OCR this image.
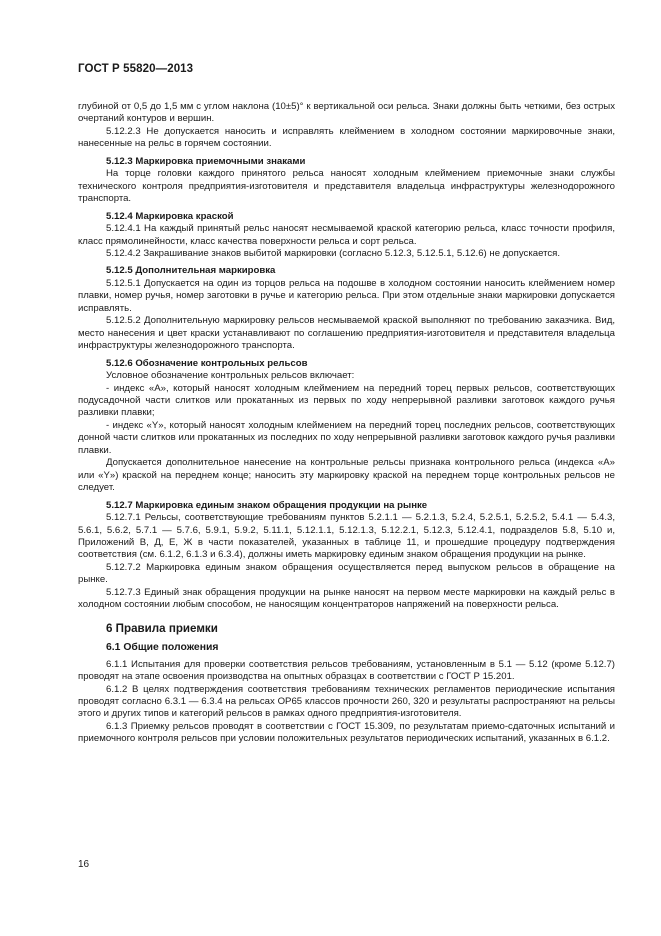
ГОСТ Р 55820—2013

глубиной от 0,5 до 1,5 мм с углом наклона (10±5)° к вертикальной оси рельса. Знаки должны быть четкими, без острых очертаний контуров и вершин.

5.12.2.3 Не допускается наносить и исправлять клеймением в холодном состоянии маркировочные знаки, нанесенные на рельс в горячем состоянии.

5.12.3 Маркировка приемочными знаками

На торце головки каждого принятого рельса наносят холодным клеймением приемочные знаки службы технического контроля предприятия-изготовителя и представителя владельца инфраструктуры железнодорожного транспорта.

5.12.4 Маркировка краской

5.12.4.1 На каждый принятый рельс наносят несмываемой краской категорию рельса, класс точности профиля, класс прямолинейности, класс качества поверхности рельса и сорт рельса.

5.12.4.2 Закрашивание знаков выбитой маркировки (согласно 5.12.3, 5.12.5.1, 5.12.6) не допускается.

5.12.5 Дополнительная маркировка

5.12.5.1 Допускается на один из торцов рельса на подошве в холодном состоянии наносить клеймением номер плавки, номер ручья, номер заготовки в ручье и категорию рельса. При этом отдельные знаки маркировки допускается исправлять.

5.12.5.2 Дополнительную маркировку рельсов несмываемой краской выполняют по требованию заказчика. Вид, место нанесения и цвет краски устанавливают по соглашению предприятия-изготовителя и представителя владельца инфраструктуры железнодорожного транспорта.

5.12.6 Обозначение контрольных рельсов

Условное обозначение контрольных рельсов включает:

- индекс «А», который наносят холодным клеймением на передний торец первых рельсов, соответствующих подусадочной части слитков или прокатанных из первых по ходу непрерывной разливки заготовок каждого ручья разливки плавки;

- индекс «Y», который наносят холодным клеймением на передний торец последних рельсов, соответствующих донной части слитков или прокатанных из последних по ходу непрерывной разливки заготовок каждого ручья разливки плавки.

Допускается дополнительное нанесение на контрольные рельсы признака контрольного рельса (индекса «А» или «Y») краской на переднем конце; наносить эту маркировку краской на переднем торце контрольных рельсов не следует.

5.12.7 Маркировка единым знаком обращения продукции на рынке

5.12.7.1 Рельсы, соответствующие требованиям пунктов 5.2.1.1 — 5.2.1.3, 5.2.4, 5.2.5.1, 5.2.5.2, 5.4.1 — 5.4.3, 5.6.1, 5.6.2, 5.7.1 — 5.7.6, 5.9.1, 5.9.2, 5.11.1, 5.12.1.1, 5.12.1.3, 5.12.2.1, 5.12.3, 5.12.4.1, подразделов 5.8, 5.10 и, Приложений В, Д, Е, Ж в части показателей, указанных в таблице 11, и прошедшие процедуру подтверждения соответствия (см. 6.1.2, 6.1.3 и 6.3.4), должны иметь маркировку единым знаком обращения продукции на рынке.

5.12.7.2 Маркировка единым знаком обращения осуществляется перед выпуском рельсов в обращение на рынке.

5.12.7.3 Единый знак обращения продукции на рынке наносят на первом месте маркировки на каждый рельс в холодном состоянии любым способом, не наносящим концентраторов напряжений на поверхности рельса.

6 Правила приемки
6.1 Общие положения

6.1.1 Испытания для проверки соответствия рельсов требованиям, установленным в 5.1 — 5.12 (кроме 5.12.7) проводят на этапе освоения производства на опытных образцах в соответствии с ГОСТ Р 15.201.

6.1.2 В целях подтверждения соответствия требованиям технических регламентов периодические испытания проводят согласно 6.3.1 — 6.3.4 на рельсах ОР65 классов прочности 260, 320 и результаты распространяют на рельсы этого и других типов и категорий рельсов в рамках одного предприятия-изготовителя.

6.1.3 Приемку рельсов проводят в соответствии с ГОСТ 15.309, по результатам приемо-сдаточных испытаний и приемочного контроля рельсов при условии положительных результатов периодических испытаний, указанных в 6.1.2.

16
